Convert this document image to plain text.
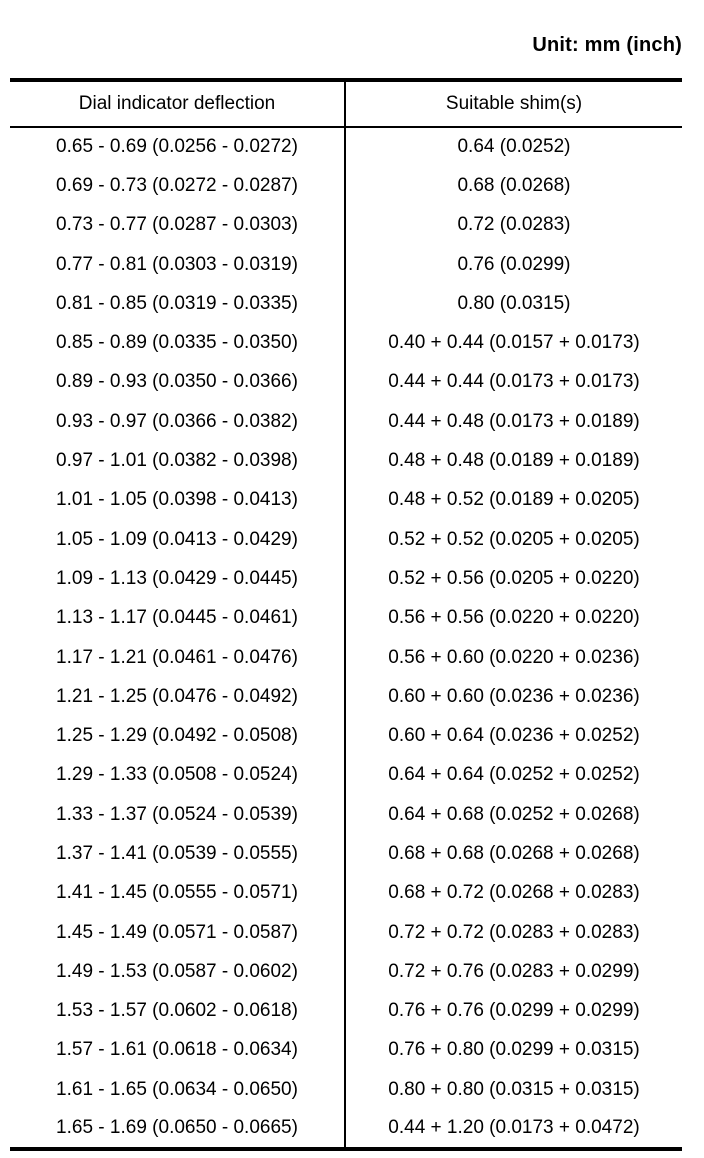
Unit: mm (inch)
Dial indicator deflection	Suitable shim(s)
0.65 - 0.69 (0.0256 - 0.0272)	0.64 (0.0252)
0.69 - 0.73 (0.0272 - 0.0287)	0.68 (0.0268)
0.73 - 0.77 (0.0287 - 0.0303)	0.72 (0.0283)
0.77 - 0.81 (0.0303 - 0.0319)	0.76 (0.0299)
0.81 - 0.85 (0.0319 - 0.0335)	0.80 (0.0315)
0.85 - 0.89 (0.0335 - 0.0350)	0.40 + 0.44 (0.0157 + 0.0173)
0.89 - 0.93 (0.0350 - 0.0366)	0.44 + 0.44 (0.0173 + 0.0173)
0.93 - 0.97 (0.0366 - 0.0382)	0.44 + 0.48 (0.0173 + 0.0189)
0.97 - 1.01 (0.0382 - 0.0398)	0.48 + 0.48 (0.0189 + 0.0189)
1.01 - 1.05 (0.0398 - 0.0413)	0.48 + 0.52 (0.0189 + 0.0205)
1.05 - 1.09 (0.0413 - 0.0429)	0.52 + 0.52 (0.0205 + 0.0205)
1.09 - 1.13 (0.0429 - 0.0445)	0.52 + 0.56 (0.0205 + 0.0220)
1.13 - 1.17 (0.0445 - 0.0461)	0.56 + 0.56 (0.0220 + 0.0220)
1.17 - 1.21 (0.0461 - 0.0476)	0.56 + 0.60 (0.0220 + 0.0236)
1.21 - 1.25 (0.0476 - 0.0492)	0.60 + 0.60 (0.0236 + 0.0236)
1.25 - 1.29 (0.0492 - 0.0508)	0.60 + 0.64 (0.0236 + 0.0252)
1.29 - 1.33 (0.0508 - 0.0524)	0.64 + 0.64 (0.0252 + 0.0252)
1.33 - 1.37 (0.0524 - 0.0539)	0.64 + 0.68 (0.0252 + 0.0268)
1.37 - 1.41 (0.0539 - 0.0555)	0.68 + 0.68 (0.0268 + 0.0268)
1.41 - 1.45 (0.0555 - 0.0571)	0.68 + 0.72 (0.0268 + 0.0283)
1.45 - 1.49 (0.0571 - 0.0587)	0.72 + 0.72 (0.0283 + 0.0283)
1.49 - 1.53 (0.0587 - 0.0602)	0.72 + 0.76 (0.0283 + 0.0299)
1.53 - 1.57 (0.0602 - 0.0618)	0.76 + 0.76 (0.0299 + 0.0299)
1.57 - 1.61 (0.0618 - 0.0634)	0.76 + 0.80 (0.0299 + 0.0315)
1.61 - 1.65 (0.0634 - 0.0650)	0.80 + 0.80 (0.0315 + 0.0315)
1.65 - 1.69 (0.0650 - 0.0665)	0.44 + 1.20 (0.0173 + 0.0472)
